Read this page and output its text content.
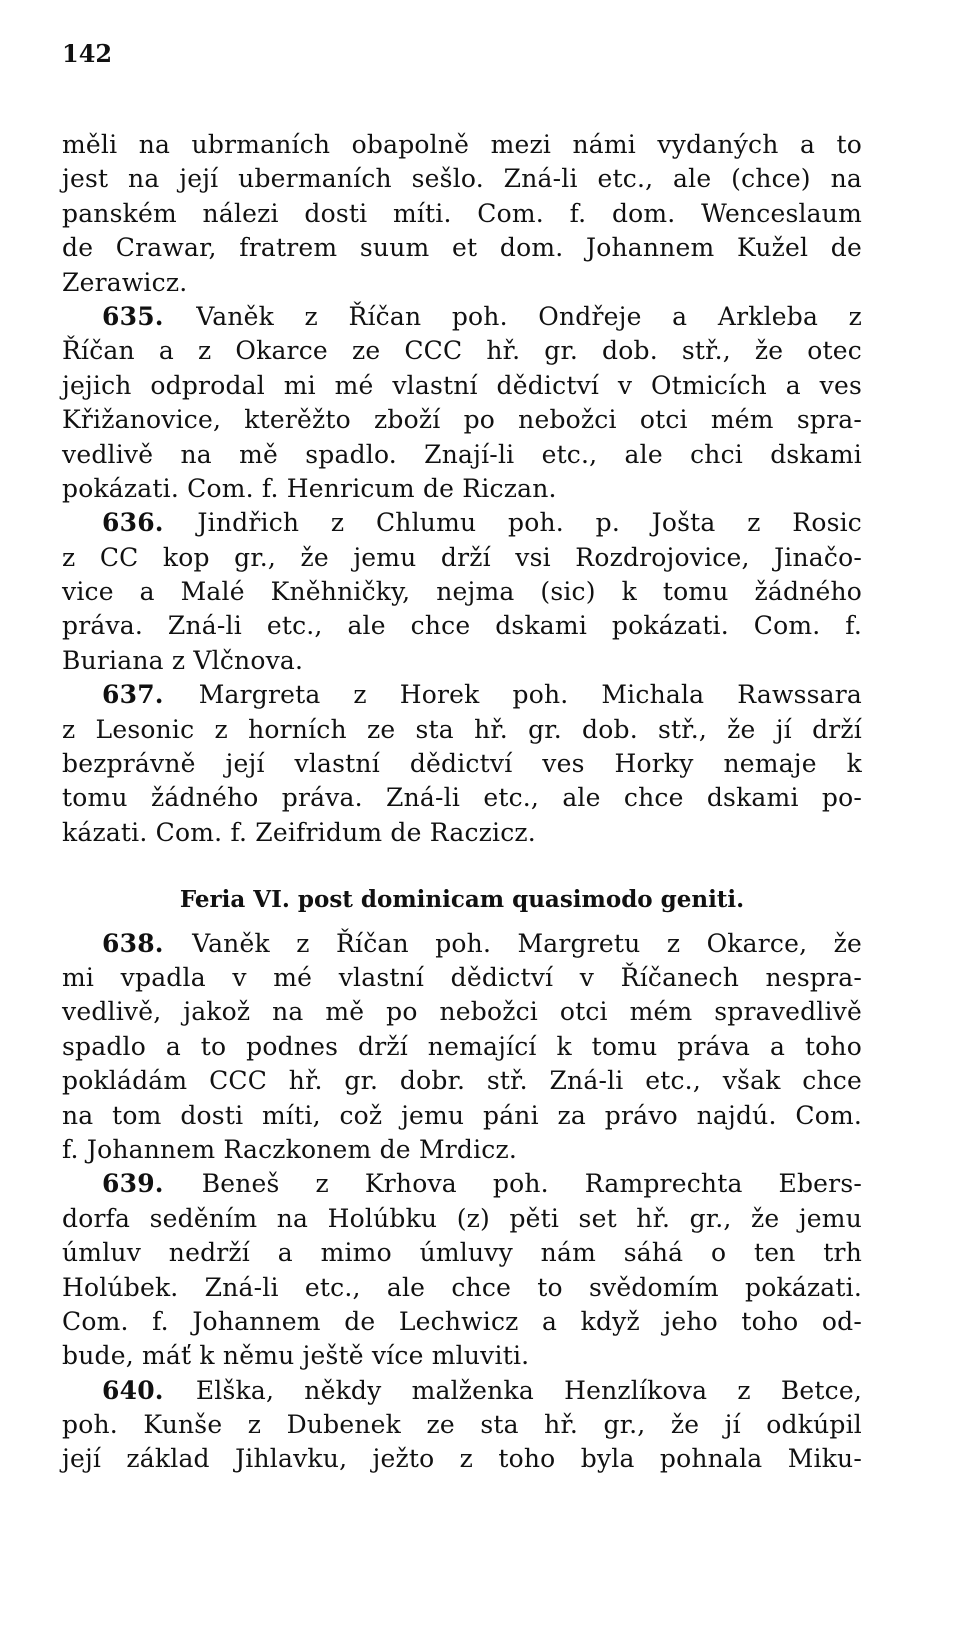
142
měli na ubrmaních obapolně mezi námi vydaných a to
jest na její ubermaních sešlo. Zná-li etc., ale (chce) na
panském nálezi dosti míti. Com. f. dom. Wenceslaum
de Crawar, fratrem suum et dom. Johannem Kužel de
Zerawicz.
635. Vaněk z Říčan poh. Ondřeje a Arkleba z
Říčan a z Okarce ze CCC hř. gr. dob. stř., že otec
jejich odprodal mi mé vlastní dědictví v Otmicích a ves
Křižanovice, kterěžto zboží po nebožci otci mém spra-
vedlivě na mě spadlo. Znají-li etc., ale chci dskami
pokázati. Com. f. Henricum de Riczan.
636. Jindřich z Chlumu poh. p. Jošta z Rosic
z CC kop gr., že jemu drží vsi Rozdrojovice, Jinačo-
vice a Malé Kněhničky, nejma (sic) k tomu žádného
práva. Zná-li etc., ale chce dskami pokázati. Com. f.
Buriana z Vlčnova.
637. Margreta z Horek poh. Michala Rawssara
z Lesonic z horních ze sta hř. gr. dob. stř., že jí drží
bezprávně její vlastní dědictví ves Horky nemaje k
tomu žádného práva. Zná-li etc., ale chce dskami po-
kázati. Com. f. Zeifridum de Raczicz.
Feria VI. post dominicam quasimodo geniti.
638. Vaněk z Říčan poh. Margretu z Okarce, že
mi vpadla v mé vlastní dědictví v Říčanech nespra-
vedlivě, jakož na mě po nebožci otci mém spravedlivě
spadlo a to podnes drží nemající k tomu práva a toho
pokládám CCC hř. gr. dobr. stř. Zná-li etc., však chce
na tom dosti míti, což jemu páni za právo najdú. Com.
f. Johannem Raczkonem de Mrdicz.
639. Beneš z Krhova poh. Ramprechta Ebers-
dorfa seděním na Holúbku (z) pěti set hř. gr., že jemu
úmluv nedrží a mimo úmluvy nám sáhá o ten trh
Holúbek. Zná-li etc., ale chce to svědomím pokázati.
Com. f. Johannem de Lechwicz a když jeho toho od-
bude, máť k němu ještě více mluviti.
640. Elška, někdy malženka Henzlíkova z Betce,
poh. Kunše z Dubenek ze sta hř. gr., že jí odkúpil
její základ Jihlavku, ježto z toho byla pohnala Miku-
